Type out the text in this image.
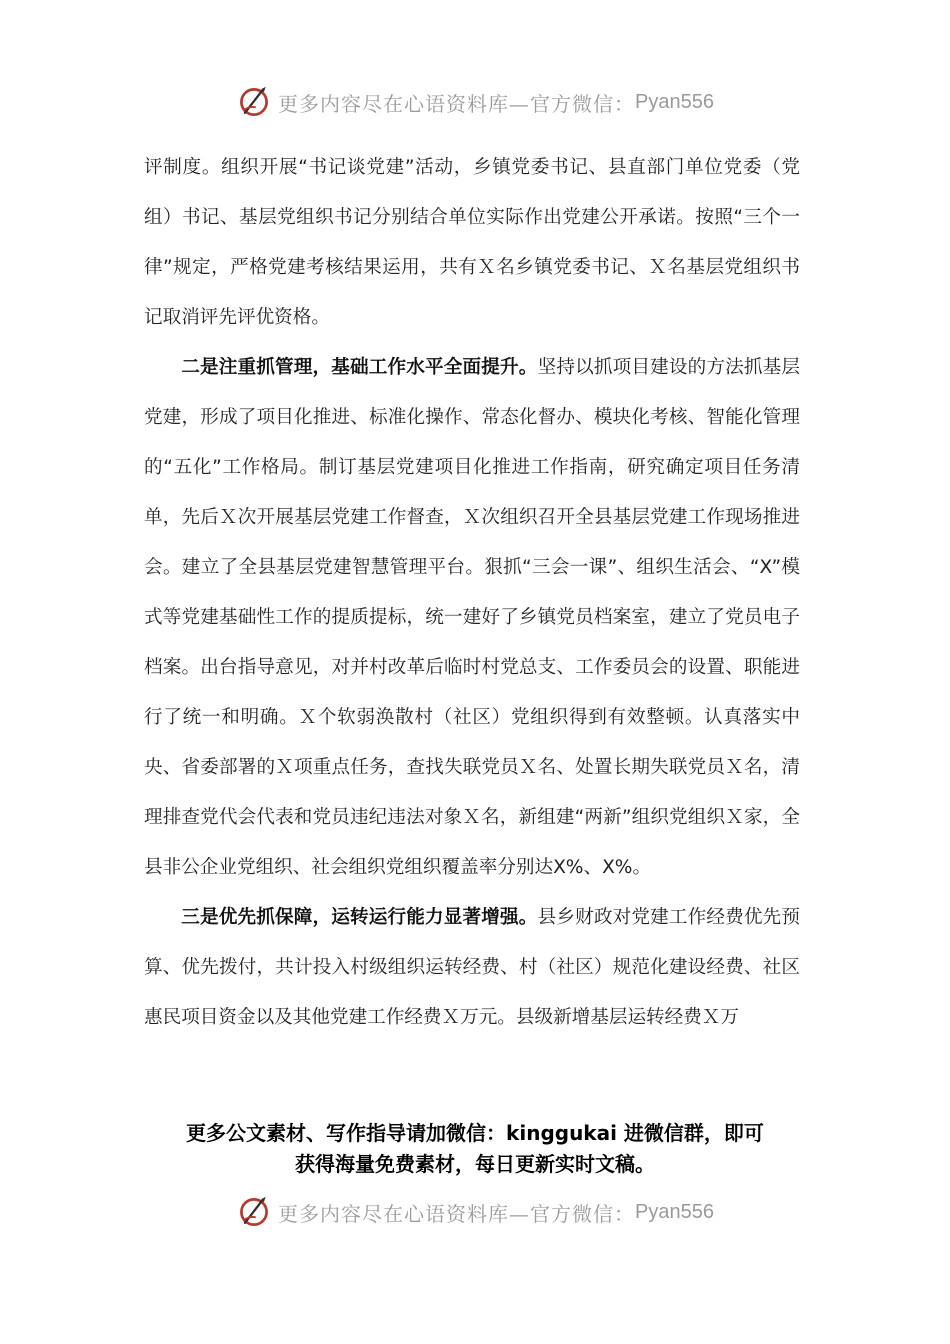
更多内容尽在心语资料库—官方微信： Pyan556

评制度。组织开展“书记谈党建”活动，乡镇党委书记、县直部门单位党委（党组）书记、基层党组织书记分别结合单位实际作出党建公开承诺。按照“三个一律”规定，严格党建考核结果运用，共有Ｘ名乡镇党委书记、Ｘ名基层党组织书记取消评先评优资格。

二是注重抓管理，基础工作水平全面提升。坚持以抓项目建设的方法抓基层党建，形成了项目化推进、标准化操作、常态化督办、模块化考核、智能化管理的“五化”工作格局。制订基层党建项目化推进工作指南，研究确定项目任务清单，先后Ｘ次开展基层党建工作督查，Ｘ次组织召开全县基层党建工作现场推进会。建立了全县基层党建智慧管理平台。狠抓“三会一课”、组织生活会、“X”模式等党建基础性工作的提质提标，统一建好了乡镇党员档案室，建立了党员电子档案。出台指导意见，对并村改革后临时村党总支、工作委员会的设置、职能进行了统一和明确。Ｘ个软弱涣散村（社区）党组织得到有效整顿。认真落实中央、省委部署的Ｘ项重点任务，查找失联党员Ｘ名、处置长期失联党员Ｘ名，清理排查党代会代表和党员违纪违法对象Ｘ名，新组建“两新”组织党组织Ｘ家，全县非公企业党组织、社会组织党组织覆盖率分别达X%、X%。

三是优先抓保障，运转运行能力显著增强。县乡财政对党建工作经费优先预算、优先拨付，共计投入村级组织运转经费、村（社区）规范化建设经费、社区惠民项目资金以及其他党建工作经费Ｘ万元。县级新增基层运转经费Ｘ万

更多公文素材、写作指导请加微信：kinggukai 进微信群，即可
获得海量免费素材，每日更新实时文稿。
更多内容尽在心语资料库—官方微信： Pyan556
